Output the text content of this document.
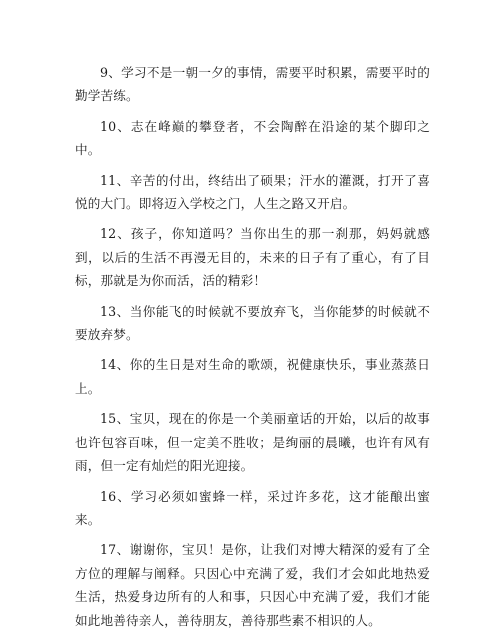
9、学习不是一朝一夕的事情，需要平时积累，需要平时的勤学苦练。

10、志在峰巅的攀登者，不会陶醉在沿途的某个脚印之中。

11、辛苦的付出，终结出了硕果；汗水的灌溉，打开了喜悦的大门。即将迈入学校之门，人生之路又开启。

12、孩子，你知道吗？当你出生的那一刹那，妈妈就感到，以后的生活不再漫无目的，未来的日子有了重心，有了目标，那就是为你而活，活的精彩！

13、当你能飞的时候就不要放弃飞，当你能梦的时候就不要放弃梦。

14、你的生日是对生命的歌颂，祝健康快乐，事业蒸蒸日上。

15、宝贝，现在的你是一个美丽童话的开始，以后的故事也许包容百味，但一定美不胜收；是绚丽的晨曦，也许有风有雨，但一定有灿烂的阳光迎接。

16、学习必须如蜜蜂一样，采过许多花，这才能酿出蜜来。

17、谢谢你，宝贝！是你，让我们对博大精深的爱有了全方位的理解与阐释。只因心中充满了爱，我们才会如此地热爱生活，热爱身边所有的人和事，只因心中充满了爱，我们才能如此地善待亲人，善待朋友，善待那些素不相识的人。
